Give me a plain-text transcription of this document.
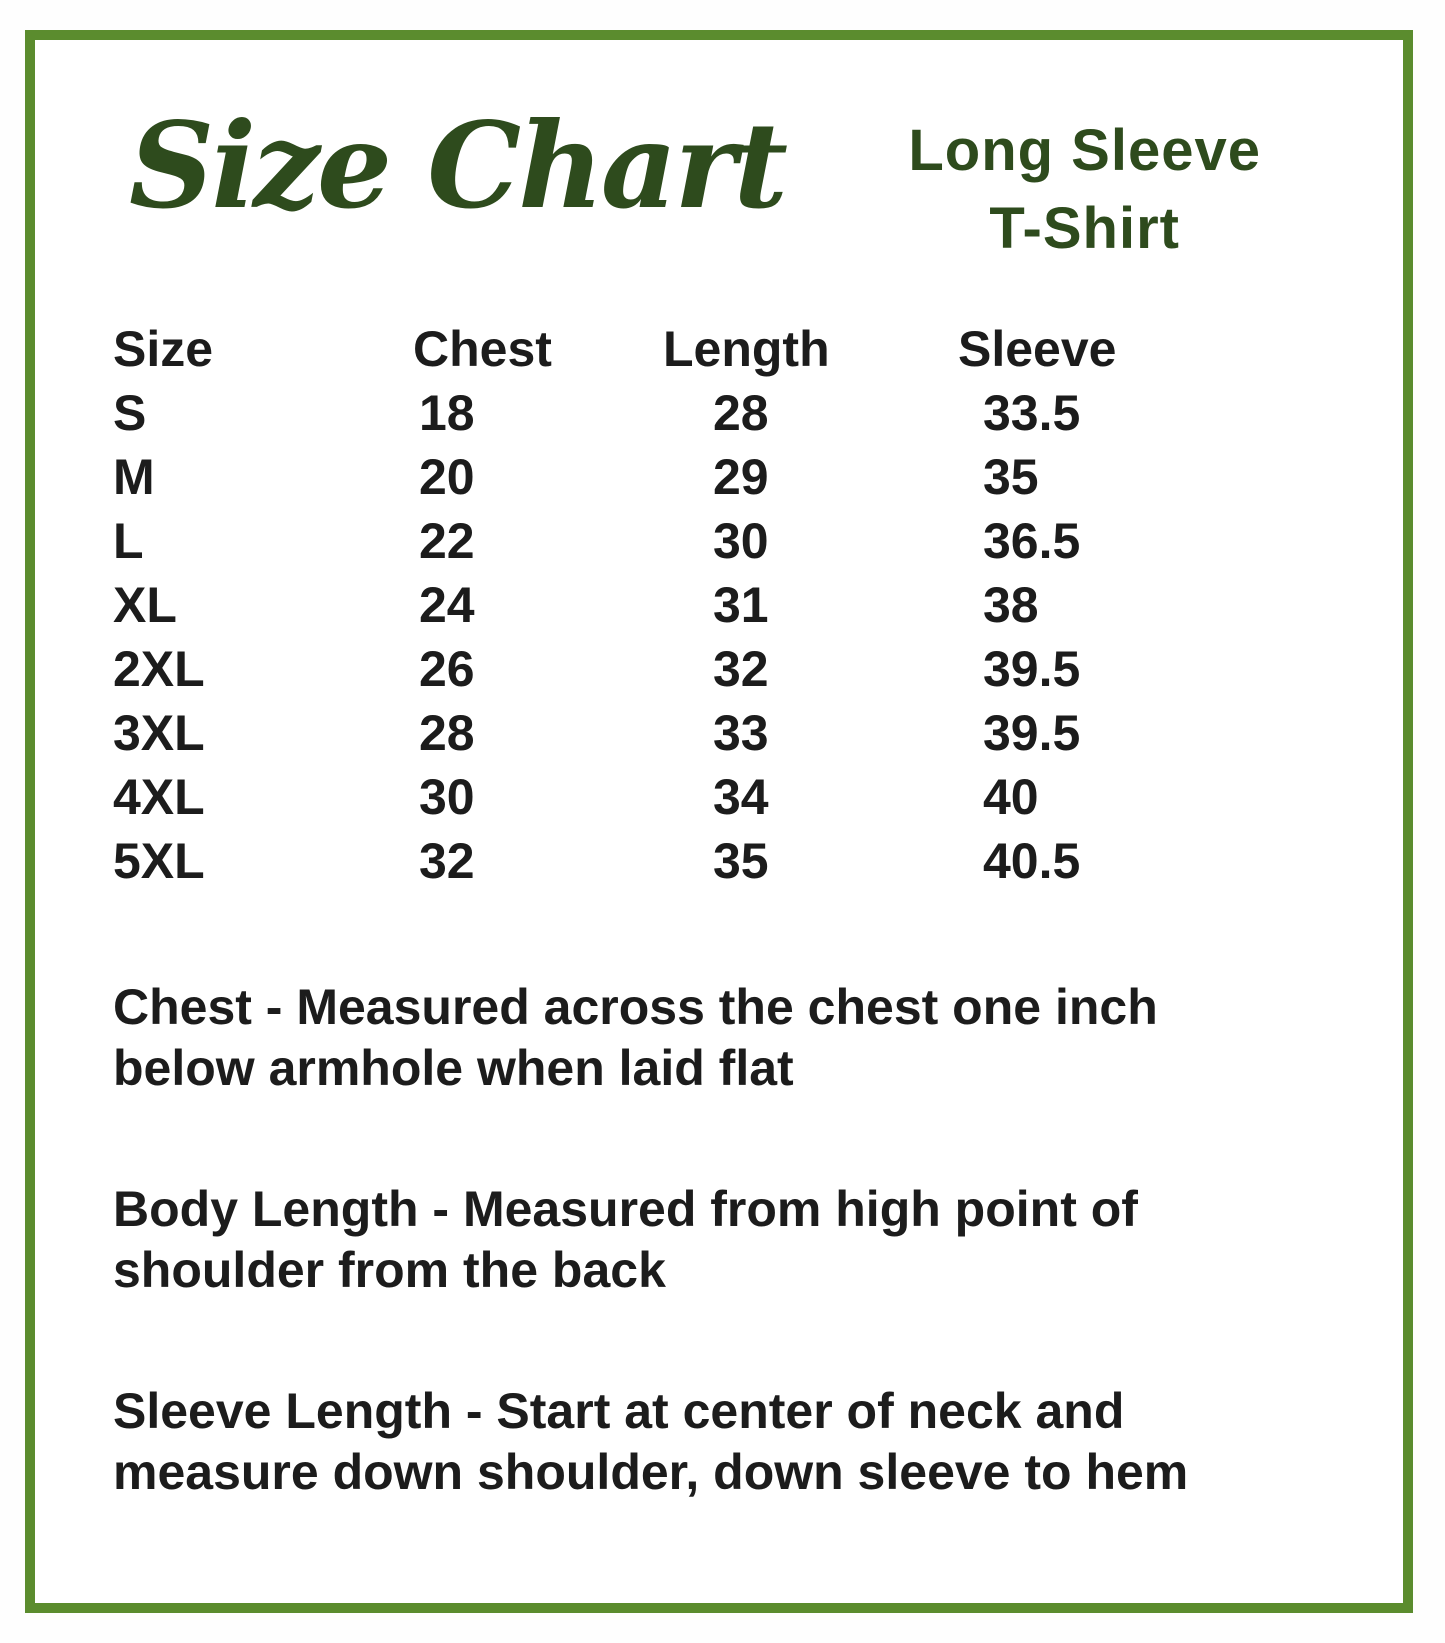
Size Chart Long Sleeve
T-Shirt
Size	Chest	Length	Sleeve
S	18	28	33.5
M	20	29	35
L	22	30	36.5
XL	24	31	38
2XL	26	32	39.5
3XL	28	33	39.5
4XL	30	34	40
5XL	32	35	40.5
Chest - Measured across the chest one inch
below armhole when laid flat
Body Length - Measured from high point of
shoulder from the back
Sleeve Length - Start at center of neck and
measure down shoulder, down sleeve to hem
